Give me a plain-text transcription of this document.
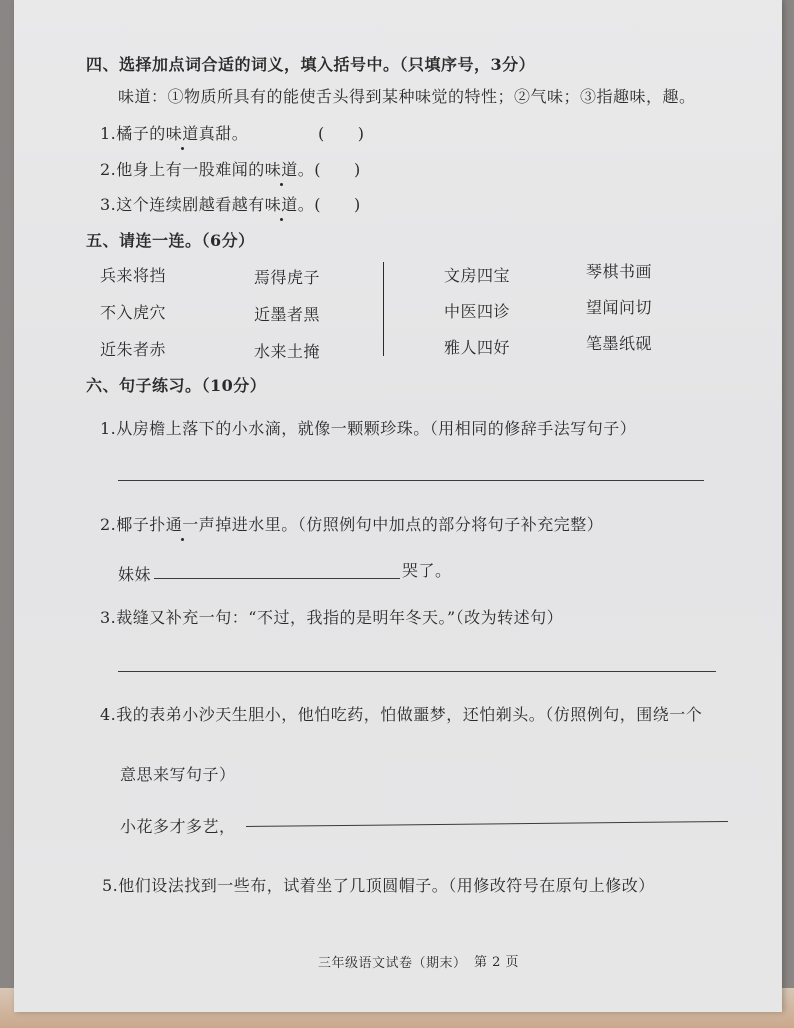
四、选择加点词合适的词义，填入括号中。（只填序号，3分）
味道：①物质所具有的能使舌头得到某种味觉的特性；②气味；③指趣味，趣。
1.橘子的味道真甜。	(　　)
2.他身上有一股难闻的味道。(　　)
3.这个连续剧越看越有味道。(　　)
五、请连一连。（6分）
兵来将挡
不入虎穴
近朱者赤
焉得虎子
近墨者黑
水来土掩
文房四宝
中医四诊
雅人四好
琴棋书画
望闻问切
笔墨纸砚
六、句子练习。（10分）
1.从房檐上落下的小水滴，就像一颗颗珍珠。（用相同的修辞手法写句子）
2.椰子扑通一声掉进水里。（仿照例句中加点的部分将句子补充完整）
妹妹	哭了。
3.裁缝又补充一句：“不过，我指的是明年冬天。”（改为转述句）
4.我的表弟小沙天生胆小，他怕吃药，怕做噩梦，还怕剃头。（仿照例句，围绕一个
意思来写句子）
小花多才多艺，
5.他们设法找到一些布，试着坐了几顶圆帽子。（用修改符号在原句上修改）
三年级语文试卷（期末） 第 2 页
